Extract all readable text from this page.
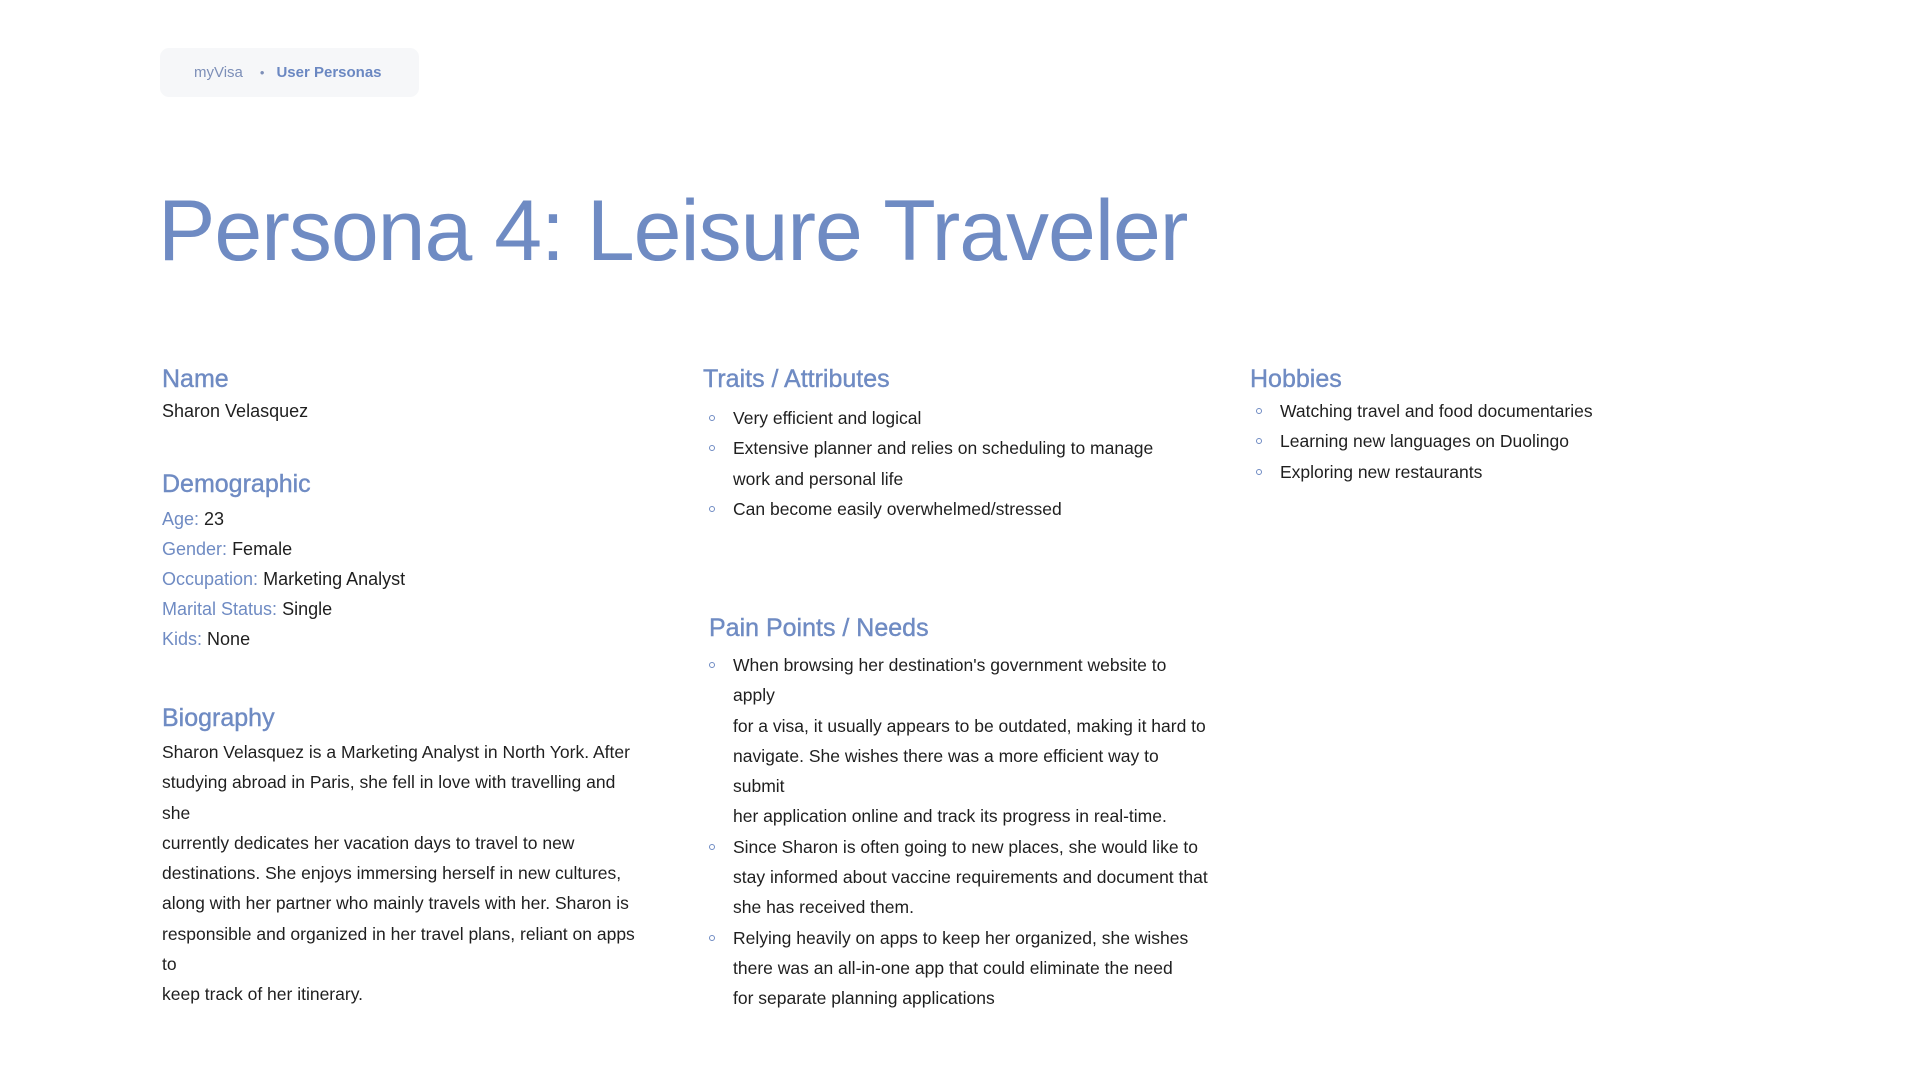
myVisa • User Personas
Persona 4: Leisure Traveler
Name

Sharon Velasquez

Demographic
Age: 23
Gender: Female
Occupation: Marketing Analyst
Marital Status: Single
Kids: None
Biography
Sharon Velasquez is a Marketing Analyst in North York. After
studying abroad in Paris, she fell in love with travelling and she
currently dedicates her vacation days to travel to new
destinations. She enjoys immersing herself in new cultures,
along with her partner who mainly travels with her. Sharon is
responsible and organized in her travel plans, reliant on apps to
keep track of her itinerary.
Traits / Attributes
Very efficient and logical
Extensive planner and relies on scheduling to manage
work and personal life
Can become easily overwhelmed/stressed
Pain Points / Needs
When browsing her destination's government website to apply
for a visa, it usually appears to be outdated, making it hard to
navigate. She wishes there was a more efficient way to submit
her application online and track its progress in real-time.
Since Sharon is often going to new places, she would like to
stay informed about vaccine requirements and document that
she has received them.
Relying heavily on apps to keep her organized, she wishes
there was an all-in-one app that could eliminate the need
for separate planning applications
Hobbies
Watching travel and food documentaries
Learning new languages on Duolingo
Exploring new restaurants
